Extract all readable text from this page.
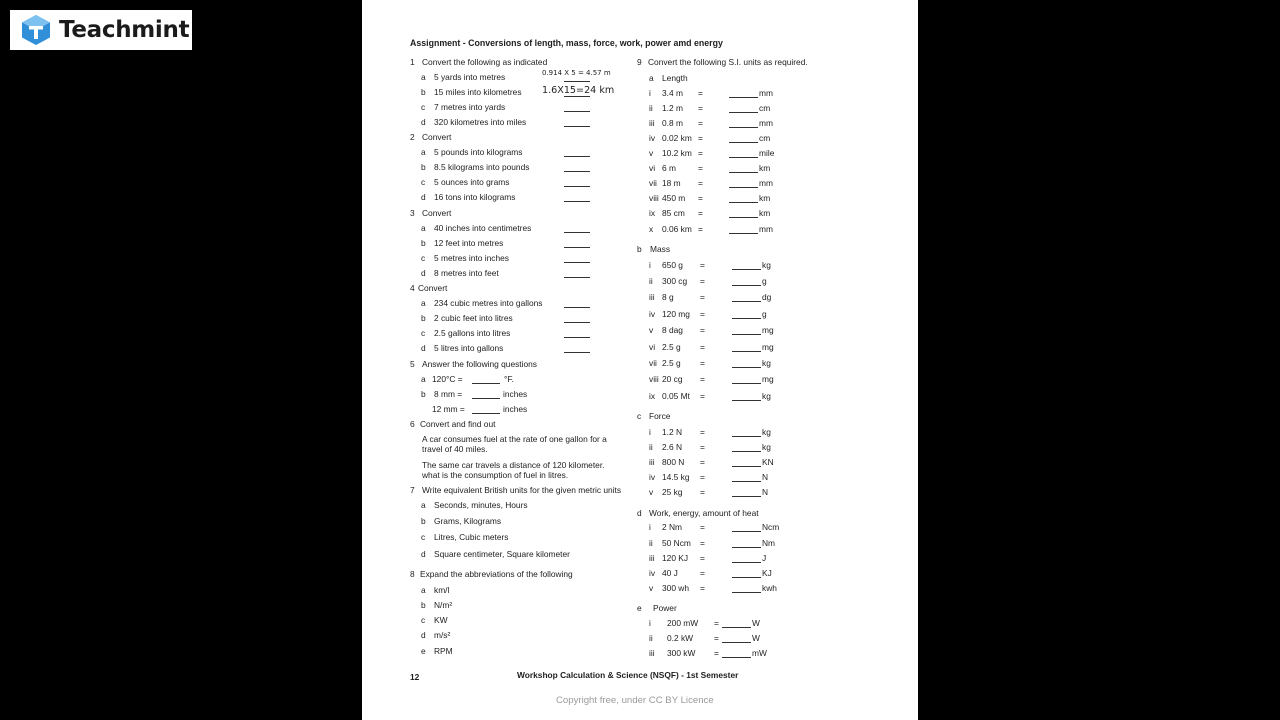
Teachmint	Assignment - Conversions of length, mass, force, work, power amd energy
0.914 X 5 = 4.57 m
1.6X15=24 km
12	Workshop Calculation & Science (NSQF) - 1st Semester
Copyright free, under CC BY Licence
1 Convert the following as indicated
a 5 yards into metres
b 15 miles into kilometres
c 7 metres into yards
d 320 kilometres into miles
2 Convert
a 5 pounds into kilograms
b 8.5 kilograms into pounds
c 5 ounces into grams
d 16 tons into kilograms
3 Convert
a 40 inches into centimetres
b 12 feet into metres
c 5 metres into inches
d 8 metres into feet
4 Convert
a 234 cubic metres into gallons
b 2 cubic feet into litres
c 2.5 gallons into litres
d 5 litres into gallons
5 Answer the following questions
a 120°C =	°F.
b 8 mm =	inches
12 mm =	inches
6 Convert and find out
A car consumes fuel at the rate of one gallon for a travel of 40 miles.
The same car travels a distance of 120 kilometer. what is the consumption of fuel in litres.
7 Write equivalent British units for the given metric units
a Seconds, minutes, Hours
b Grams, Kilograms
c Litres, Cubic meters
d Square centimeter, Square kilometer
8 Expand the abbreviations of the following
a km/l
b N/m²
c KW
d m/s²
e RPM
9 Convert the following S.I. units as required.
a Length
i 3.4 m =	mm
ii 1.2 m =	cm
iii 0.8 m =	mm
iv 0.02 km =	cm
v 10.2 km =	mile
vi 6 m	=	km
vii 18 m =	mm
viii 450 m =	km
ix 85 cm =	km
x 0.06 km =	mm
b Mass
i 650 g =	kg
ii 300 cg =	g
iii 8 g	=	dg
iv 120 mg =	g
v 8 dag =	mg
vi 2.5 g =	mg
vii 2.5 g =	kg
viii 20 cg =	mg
ix 0.05 Mt =	kg
c Force
i 1.2 N =	kg
ii 2.6 N =	kg
iii 800 N =	KN
iv 14.5 kg =	N
v 25 kg =	N
d Work, energy, amount of heat
i 2 Nm =	Ncm
ii 50 Ncm =	Nm
iii 120 KJ =	J
iv 40 J	=	KJ
v 300 wh =	kwh
e Power
i 200 mW =	W
ii 0.2 kW =	W
iii 300 kW =	mW
